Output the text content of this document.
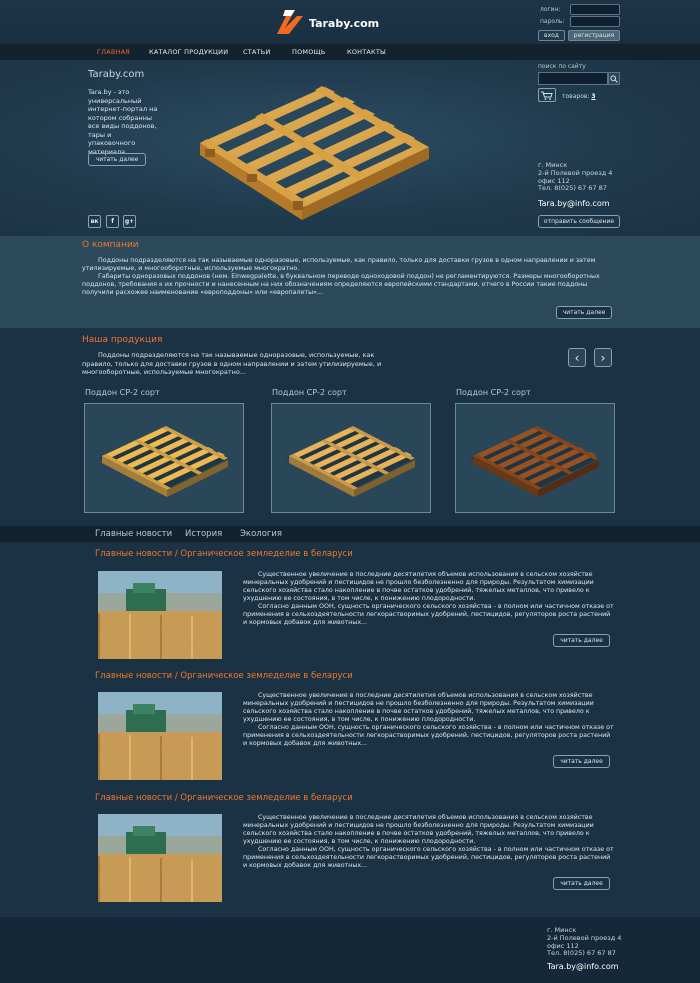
Taraby.com
логин:
пароль:
вход	регистрация
ГЛАВНАЯ	КАТАЛОГ ПРОДУКЦИИ СТАТЬИ	ПОМОЩЬ	КОНТАКТЫ
Taraby.com
Tara.by - это универсальный интернет-портал на котором собранны все виды поддонов, тары и упаковочного материала...
читать далее
вк	f	g+
поиск по сайту
товаров: 3
г. Минск
2-й Полевой проезд 4
офис 112
Тел. 8(025) 67 67 87
Tara.by@info.com
отправить сообщение
О компании

Поддоны подразделяются на так называемые одноразовые, используемые, как правило, только для доставки грузов в одном направлении и затем утилизируемые, и многооборотные, используемые многократно.

Габариты одноразовых поддонов (нем. Einwegpalette, в буквальном переводе одноходовой поддон) не регламентируются. Размеры многооборотных поддонов, требования к их прочности и нанесенным на них обозначениям определяются европейскими стандартами, отчего в России такие поддоны получили расхожее наименование «европоддоны» или «европалеты»...

читать далее
Наша продукция
Поддоны подразделяются на так называемые одноразовые, используемые, как правило, только для доставки грузов в одном направлении и затем утилизируемые, и многооборотные, используемые многократно...
‹	›
Поддон СР-2 сорт	Поддон СР-2 сорт	Поддон СР-2 сорт
Главные новости История Экология
Главные новости / Органическое земледелие в беларуси

Существенное увеличение в последние десятилетия объемов использования в сельском хозяйстве минеральных удобрений и пестицидов не прошло безболезненно для природы. Результатом химизации сельского хозяйства стало накопление в почве остатков удобрений, тяжелых металлов, что привело к ухудшению ее состояния, в том числе, к понижению плодородности.

Согласно данным ООН, сущность органического сельского хозяйства - в полном или частичном отказе от применения в сельхоздеятельности легкорастворимых удобрений, пестицидов, регуляторов роста растений и кормовых добавок для животных...

читать далее
Главные новости / Органическое земледелие в беларуси

Существенное увеличение в последние десятилетия объемов использования в сельском хозяйстве минеральных удобрений и пестицидов не прошло безболезненно для природы. Результатом химизации сельского хозяйства стало накопление в почве остатков удобрений, тяжелых металлов, что привело к ухудшению ее состояния, в том числе, к понижению плодородности.

Согласно данным ООН, сущность органического сельского хозяйства - в полном или частичном отказе от применения в сельхоздеятельности легкорастворимых удобрений, пестицидов, регуляторов роста растений и кормовых добавок для животных...

читать далее
Главные новости / Органическое земледелие в беларуси

Существенное увеличение в последние десятилетия объемов использования в сельском хозяйстве минеральных удобрений и пестицидов не прошло безболезненно для природы. Результатом химизации сельского хозяйства стало накопление в почве остатков удобрений, тяжелых металлов, что привело к ухудшению ее состояния, в том числе, к понижению плодородности.

Согласно данным ООН, сущность органического сельского хозяйства - в полном или частичном отказе от применения в сельхоздеятельности легкорастворимых удобрений, пестицидов, регуляторов роста растений и кормовых добавок для животных...

читать далее
г. Минск
2-й Полевой проезд 4
офис 112
Тел. 8(025) 67 67 87
Tara.by@info.com
